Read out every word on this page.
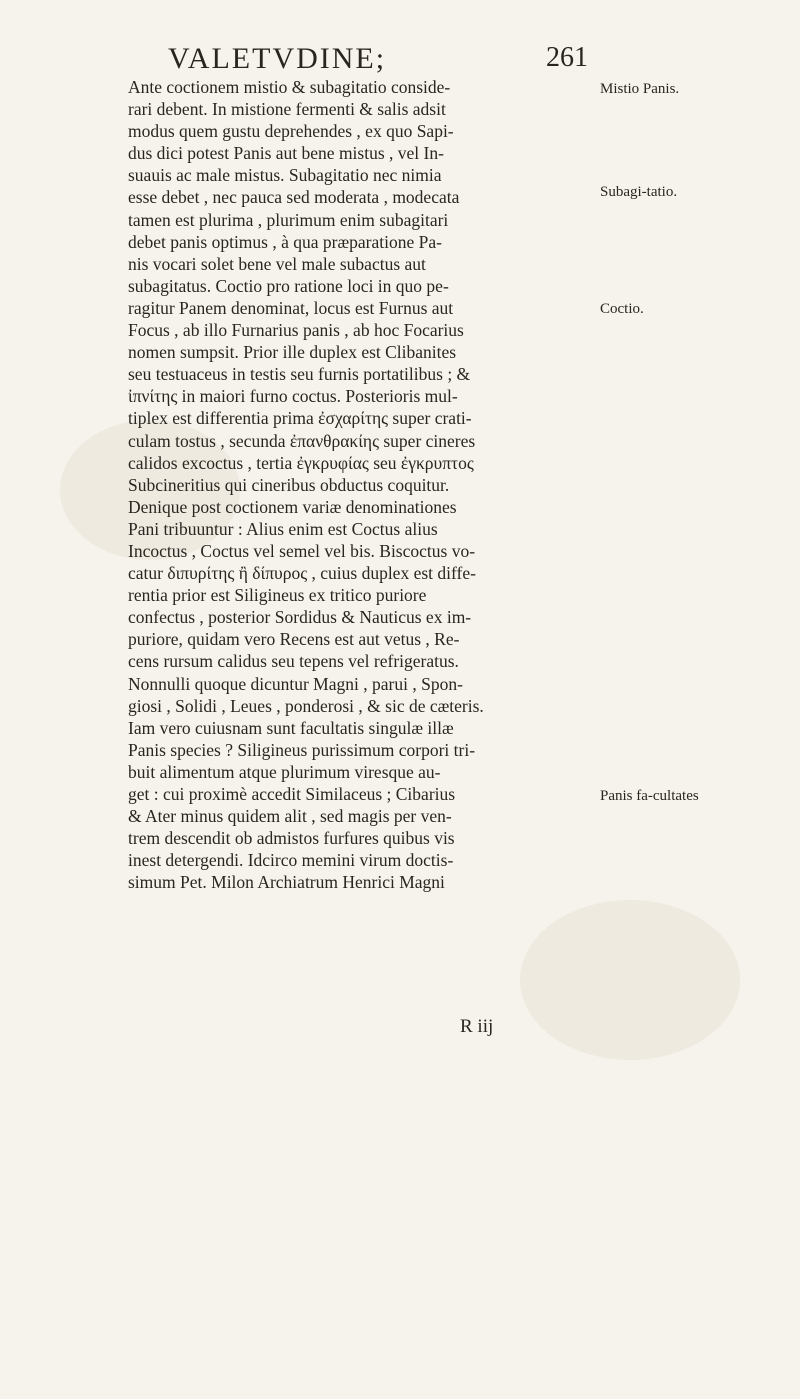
VALETVDINE;	261
Ante coctionem mistio & subagitatio conside-
rari debent. In mistione fermenti & salis adsit
modus quem gustu deprehendes , ex quo Sapi-
dus dici potest Panis aut bene mistus , vel In-
suauis ac male mistus. Subagitatio nec nimia
esse debet , nec pauca sed moderata , modecata
tamen est plurima , plurimum enim subagitari
debet panis optimus , à qua præparatione Pa-
nis vocari solet bene vel male subactus aut
subagitatus. Coctio pro ratione loci in quo pe-
ragitur Panem denominat, locus est Furnus aut
Focus , ab illo Furnarius panis , ab hoc Focarius
nomen sumpsit. Prior ille duplex est Clibanites
seu testuaceus in testis seu furnis portatilibus ; &
ἰπνίτης in maiori furno coctus. Posterioris mul-
tiplex est differentia prima ἐσχαρίτης super crati-
culam tostus , secunda ἐπανθρακίης super cineres
calidos excoctus , tertia ἐγκρυφίας seu ἐγκρυπτος
Subcineritius qui cineribus obductus coquitur.
Denique post coctionem variæ denominationes
Pani tribuuntur : Alius enim est Coctus alius
Incoctus , Coctus vel semel vel bis. Biscoctus vo-
catur διπυρίτης ἢ δίπυρος , cuius duplex est diffe-
rentia prior est Siligineus ex tritico puriore
confectus , posterior Sordidus & Nauticus ex im-
puriore, quidam vero Recens est aut vetus , Re-
cens rursum calidus seu tepens vel refrigeratus.
Nonnulli quoque dicuntur Magni , parui , Spon-
giosi , Solidi , Leues , ponderosi , & sic de cæteris.
Iam vero cuiusnam sunt facultatis singulæ illæ
Panis species ? Siligineus purissimum corpori tri-
buit alimentum atque plurimum viresque au-
get : cui proximè accedit Similaceus ; Cibarius
& Ater minus quidem alit , sed magis per ven-
trem descendit ob admistos furfures quibus vis
inest detergendi. Idcirco memini virum doctis-
simum Pet. Milon Archiatrum Henrici Magni
R iij
Mistio Panis.
Subagi-tatio.
Coctio.
Panis fa-cultates
